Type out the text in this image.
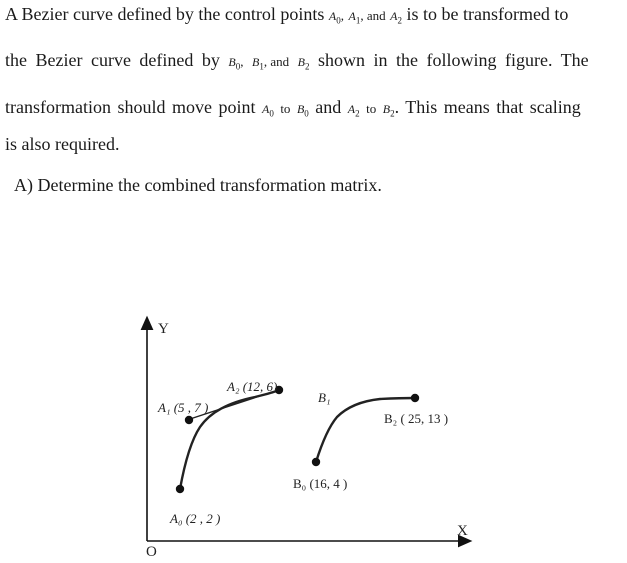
A Bezier curve defined by the control points $A_0$, $A_1$, and $A_2$ is to be transformed to
the Bezier curve defined by $B_0$, $B_1$, and $B_2$ shown in the following figure. The
transformation should move point $A_0$ to $B_0$ and $A_2$ to $B_2$. This means that scaling
is also required.
A) Determine the combined transformation matrix.
Y
X
O
A₀ (2 , 2 )
A₁ (5 , 7 )
A₂ (12, 6)
B₀ (16, 4 )
B₁
B₂ ( 25, 13 )
